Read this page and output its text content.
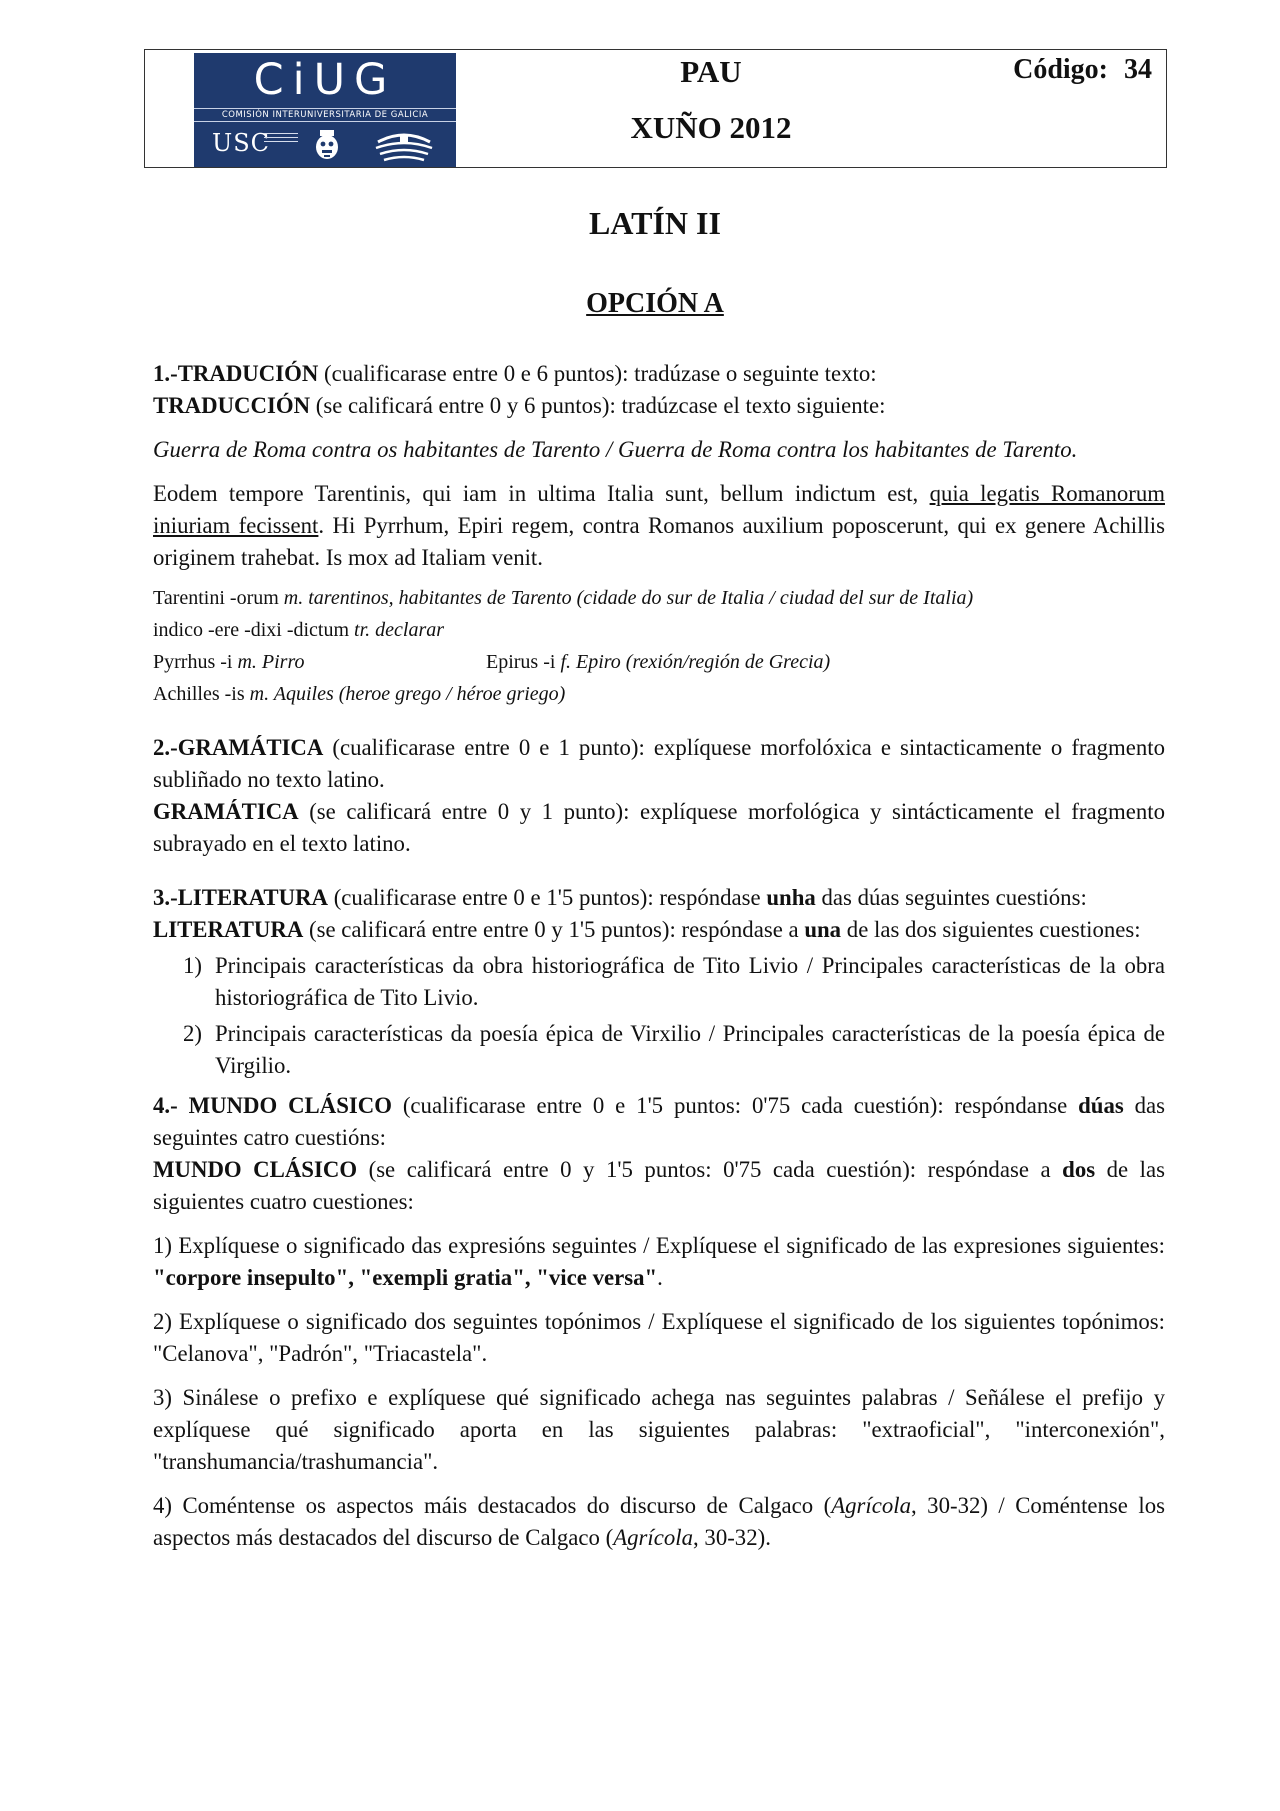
CiUG
COMISIÓN INTERUNIVERSITARIA DE GALICIA
USC
PAU
XUÑO 2012
Código: 34
LATÍN II
OPCIÓN A

1.-TRADUCIÓN (cualificarase entre 0 e 6 puntos): tradúzase o seguinte texto:

TRADUCCIÓN (se calificará entre 0 y 6 puntos): tradúzcase el texto siguiente:

Guerra de Roma contra os habitantes de Tarento / Guerra de Roma contra los habitantes de Tarento.

Eodem tempore Tarentinis, qui iam in ultima Italia sunt, bellum indictum est, quia legatis Romanorum iniuriam fecissent. Hi Pyrrhum, Epiri regem, contra Romanos auxilium poposcerunt, qui ex genere Achillis originem trahebat. Is mox ad Italiam venit.

Tarentini -orum m. tarentinos, habitantes de Tarento (cidade do sur de Italia / ciudad del sur de Italia)
indico -ere -dixi -dictum tr. declarar
Pyrrhus -i m. Pirro	Epirus -i f. Epiro (rexión/región de Grecia)
Achilles -is m. Aquiles (heroe grego / héroe griego)

2.-GRAMÁTICA (cualificarase entre 0 e 1 punto): explíquese morfolóxica e sintacticamente o fragmento subliñado no texto latino.

GRAMÁTICA (se calificará entre 0 y 1 punto): explíquese morfológica y sintácticamente el fragmento subrayado en el texto latino.

3.-LITERATURA (cualificarase entre 0 e 1'5 puntos): respóndase unha das dúas seguintes cuestións:

LITERATURA (se calificará entre entre 0 y 1'5 puntos): respóndase a una de las dos siguientes cuestiones:

1) Principais características da obra historiográfica de Tito Livio / Principales características de la obra historiográfica de Tito Livio.
2) Principais características da poesía épica de Virxilio / Principales características de la poesía épica de Virgilio.

4.- MUNDO CLÁSICO (cualificarase entre 0 e 1'5 puntos: 0'75 cada cuestión): respóndanse dúas das seguintes catro cuestións:

MUNDO CLÁSICO (se calificará entre 0 y 1'5 puntos: 0'75 cada cuestión): respóndase a dos de las siguientes cuatro cuestiones:

1) Explíquese o significado das expresións seguintes / Explíquese el significado de las expresiones siguientes: "corpore insepulto", "exempli gratia", "vice versa".

2) Explíquese o significado dos seguintes topónimos / Explíquese el significado de los siguientes topónimos: "Celanova", "Padrón", "Triacastela".

3) Sinálese o prefixo e explíquese qué significado achega nas seguintes palabras / Señálese el prefijo y explíquese qué significado aporta en las siguientes palabras: "extraoficial", "interconexión", "transhumancia/trashumancia".

4) Coméntense os aspectos máis destacados do discurso de Calgaco (Agrícola, 30-32) / Coméntense los aspectos más destacados del discurso de Calgaco (Agrícola, 30-32).
